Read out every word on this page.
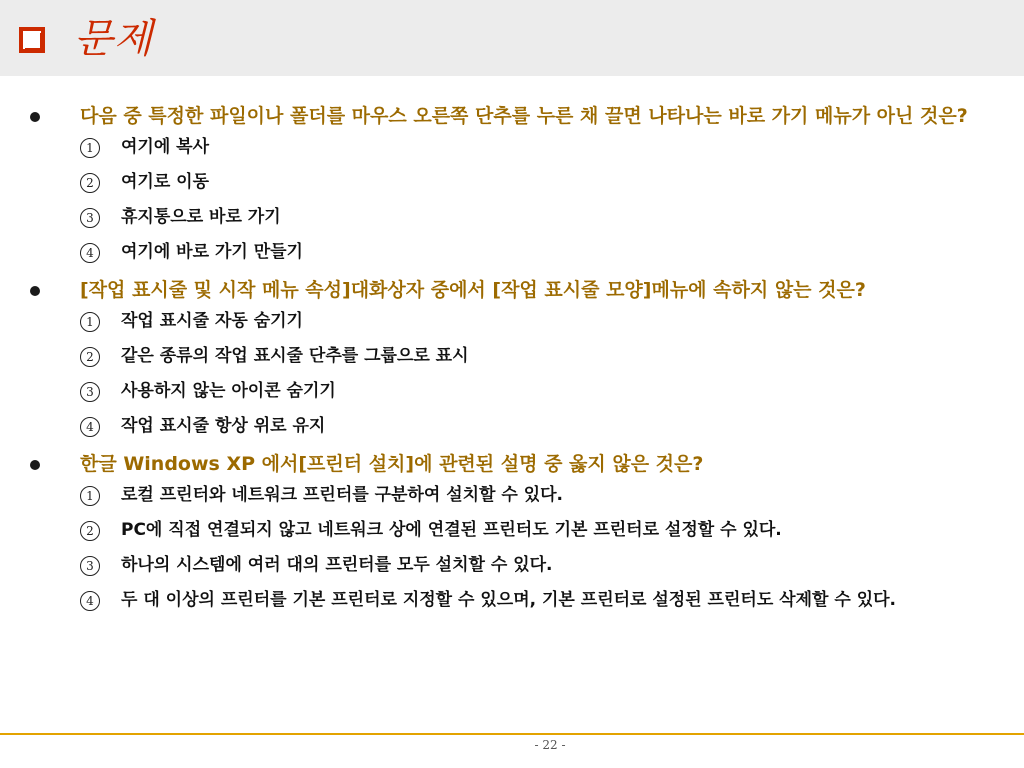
문제
다음 중 특정한 파일이나 폴더를 마우스 오른쪽 단추를 누른 채 끌면 나타나는 바로 가기 메뉴가 아닌 것은?
1	여기에 복사
2	여기로 이동
3	휴지통으로 바로 가기
4	여기에 바로 가기 만들기
[작업 표시줄 및 시작 메뉴 속성]대화상자 중에서 [작업 표시줄 모양]메뉴에 속하지 않는 것은?
1	작업 표시줄 자동 숨기기
2	같은 종류의 작업 표시줄 단추를 그룹으로 표시
3	사용하지 않는 아이콘 숨기기
4	작업 표시줄 항상 위로 유지
한글 Windows XP 에서[프린터 설치]에 관련된 설명 중 옳지 않은 것은?
1	로컬 프린터와 네트워크 프린터를 구분하여 설치할 수 있다.
2	PC에 직접 연결되지 않고 네트워크 상에 연결된 프린터도 기본 프린터로 설정할 수 있다.
3	하나의 시스템에 여러 대의 프린터를 모두 설치할 수 있다.
4	두 대 이상의 프린터를 기본 프린터로 지정할 수 있으며, 기본 프린터로 설정된 프린터도 삭제할 수 있다.
- 22 -
